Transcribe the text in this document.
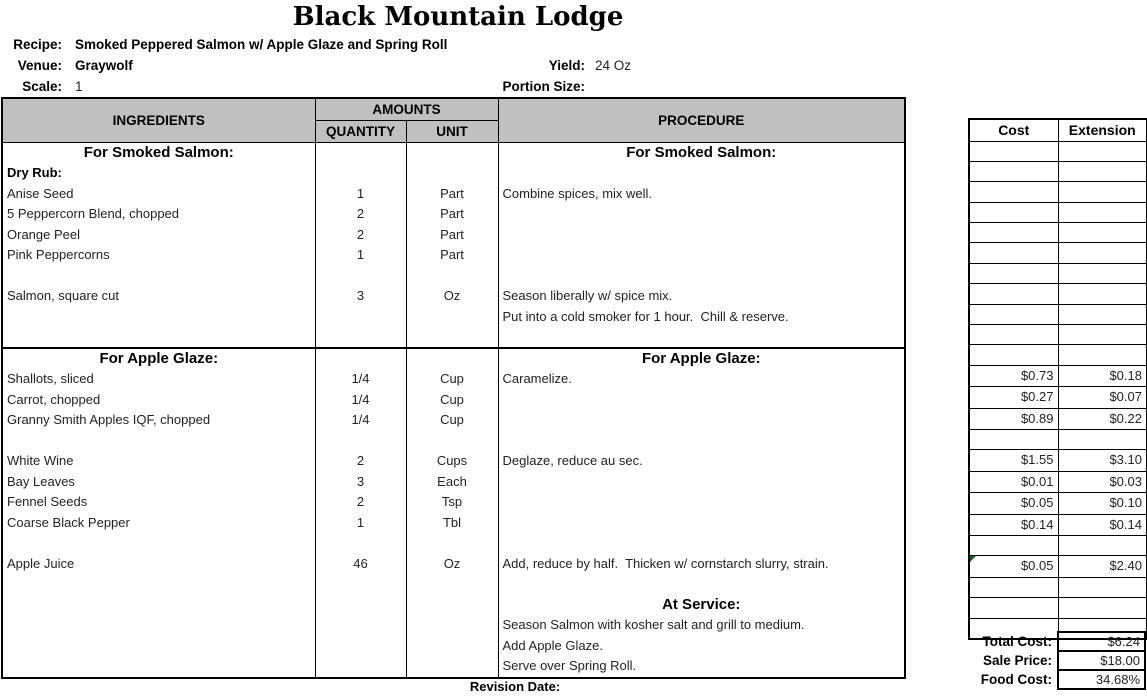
Black Mountain Lodge
Recipe: Smoked Peppered Salmon w/ Apple Glaze and Spring Roll
Venue: Graywolf
Scale: 1
Yield: 24 Oz
Portion Size:
INGREDIENTS	AMOUNTS		PROCEDURE
	QUANTITY	UNIT	
For Smoked Salmon:			For Smoked Salmon:
Dry Rub:			
Anise Seed	1	Part	Combine spices, mix well.
5 Peppercorn Blend, chopped	2	Part	
Orange Peel	2	Part	
Pink Peppercorns	1	Part	

Salmon, square cut	3	Oz	Season liberally w/ spice mix.
			Put into a cold smoker for 1 hour.  Chill & reserve.

For Apple Glaze:			For Apple Glaze:
Shallots, sliced	1/4	Cup	Caramelize.
Carrot, chopped	1/4	Cup	
Granny Smith Apples IQF, chopped	1/4	Cup	

White Wine	2	Cups	Deglaze, reduce au sec.
Bay Leaves	3	Each	
Fennel Seeds	2	Tsp	
Coarse Black Pepper	1	Tbl	

Apple Juice	46	Oz	Add, reduce by half.  Thicken w/ cornstarch slurry, strain.

			At Service:
			Season Salmon with kosher salt and grill to medium.
			Add Apple Glaze.
			Serve over Spring Roll.
Cost	Extension

$0.73	$0.18
$0.27	$0.07
$0.89	$0.22

$1.55	$3.10
$0.01	$0.03
$0.05	$0.10
$0.14	$0.14

$0.05	$2.40

Total Cost:	$6.24
Sale Price:	$18.00
Food Cost:	34.68%
Revision Date:
